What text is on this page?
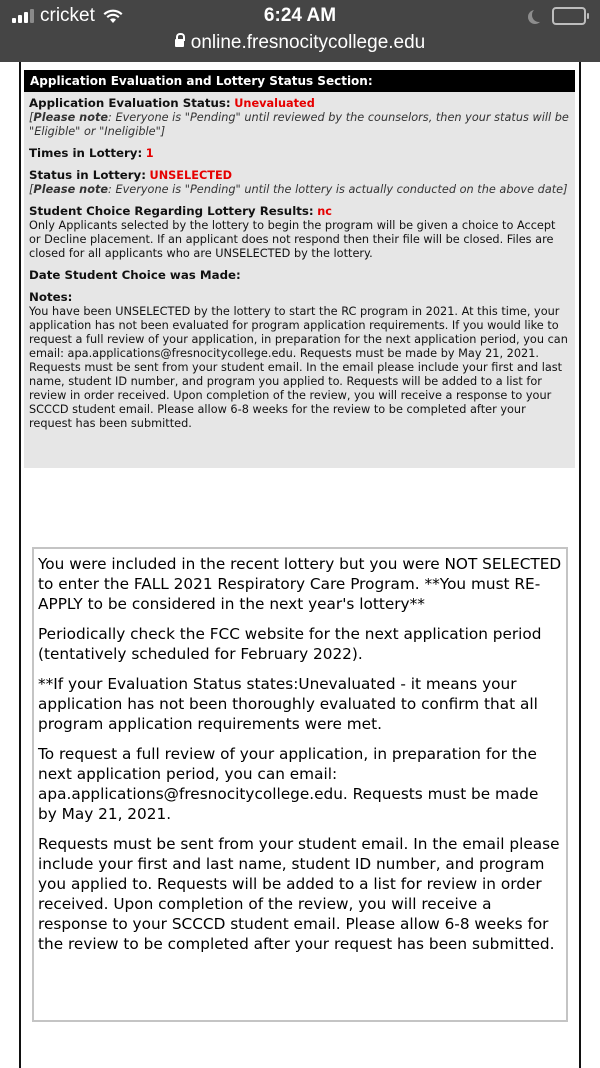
cricket	6:24 AM
online.fresnocitycollege.edu
Application Evaluation and Lottery Status Section:
Application Evaluation Status: Unevaluated
[Please note: Everyone is "Pending" until reviewed by the counselors, then your status will be "Eligible" or "Ineligible"]
Times in Lottery: 1
Status in Lottery: UNSELECTED
[Please note: Everyone is "Pending" until the lottery is actually conducted on the above date]
Student Choice Regarding Lottery Results: nc
Only Applicants selected by the lottery to begin the program will be given a choice to Accept or Decline placement. If an applicant does not respond then their file will be closed. Files are closed for all applicants who are UNSELECTED by the lottery.
Date Student Choice was Made:
Notes:
You have been UNSELECTED by the lottery to start the RC program in 2021. At this time, your application has not been evaluated for program application requirements. If you would like to request a full review of your application, in preparation for the next application period, you can email: apa.applications@fresnocitycollege.edu. Requests must be made by May 21, 2021. Requests must be sent from your student email. In the email please include your first and last name, student ID number, and program you applied to. Requests will be added to a list for review in order received. Upon completion of the review, you will receive a response to your SCCCD student email. Please allow 6-8 weeks for the review to be completed after your request has been submitted.

You were included in the recent lottery but you were NOT SELECTED to enter the FALL 2021 Respiratory Care Program. **You must RE-APPLY to be considered in the next year's lottery**

Periodically check the FCC website for the next application period (tentatively scheduled for February 2022).

**If your Evaluation Status states:Unevaluated - it means your application has not been thoroughly evaluated to confirm that all program application requirements were met.

To request a full review of your application, in preparation for the next application period, you can email: apa.applications@fresnocitycollege.edu. Requests must be made by May 21, 2021.

Requests must be sent from your student email. In the email please include your first and last name, student ID number, and program you applied to. Requests will be added to a list for review in order received. Upon completion of the review, you will receive a response to your SCCCD student email. Please allow 6-8 weeks for the review to be completed after your request has been submitted.
